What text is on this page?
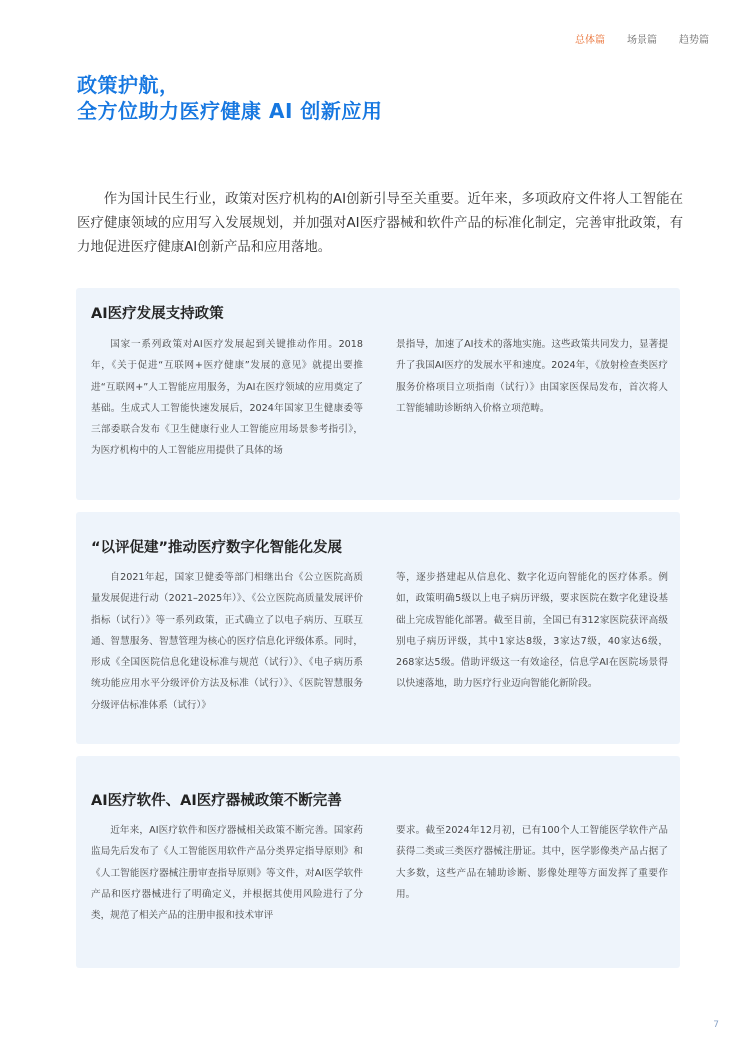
总体篇 场景篇 趋势篇
政策护航，
全方位助力医疗健康 AI 创新应用

作为国计民生行业，政策对医疗机构的AI创新引导至关重要。近年来，多项政府文件将人工智能在医疗健康领域的应用写入发展规划，并加强对AI医疗器械和软件产品的标准化制定，完善审批政策，有力地促进医疗健康AI创新产品和应用落地。

AI医疗发展支持政策

国家一系列政策对AI医疗发展起到关键推动作用。2018年，《关于促进“互联网+医疗健康”发展的意见》就提出要推进“互联网+”人工智能应用服务，为AI在医疗领域的应用奠定了基础。生成式人工智能快速发展后，2024年国家卫生健康委等三部委联合发布《卫生健康行业人工智能应用场景参考指引》，为医疗机构中的人工智能应用提供了具体的场

景指导，加速了AI技术的落地实施。这些政策共同发力，显著提升了我国AI医疗的发展水平和速度。2024年，《放射检查类医疗服务价格项目立项指南（试行）》由国家医保局发布，首次将人工智能辅助诊断纳入价格立项范畴。

“以评促建”推动医疗数字化智能化发展

自2021年起，国家卫健委等部门相继出台《公立医院高质量发展促进行动（2021–2025年）》、《公立医院高质量发展评价指标（试行）》等一系列政策，正式确立了以电子病历、互联互通、智慧服务、智慧管理为核心的医疗信息化评级体系。同时，形成《全国医院信息化建设标准与规范（试行）》、《电子病历系统功能应用水平分级评价方法及标准（试行）》、《医院智慧服务分级评估标准体系（试行）》

等，逐步搭建起从信息化、数字化迈向智能化的医疗体系。例如，政策明确5级以上电子病历评级，要求医院在数字化建设基础上完成智能化部署。截至目前，全国已有312家医院获评高级别电子病历评级，其中1家达8级，3家达7级，40家达6级，268家达5级。借助评级这一有效途径，信息学AI在医院场景得以快速落地，助力医疗行业迈向智能化新阶段。

AI医疗软件、AI医疗器械政策不断完善

近年来，AI医疗软件和医疗器械相关政策不断完善。国家药监局先后发布了《人工智能医用软件产品分类界定指导原则》和《人工智能医疗器械注册审查指导原则》等文件，对AI医学软件产品和医疗器械进行了明确定义，并根据其使用风险进行了分类，规范了相关产品的注册申报和技术审评

要求。截至2024年12月初，已有100个人工智能医学软件产品获得二类或三类医疗器械注册证。其中，医学影像类产品占据了大多数，这些产品在辅助诊断、影像处理等方面发挥了重要作用。

7
